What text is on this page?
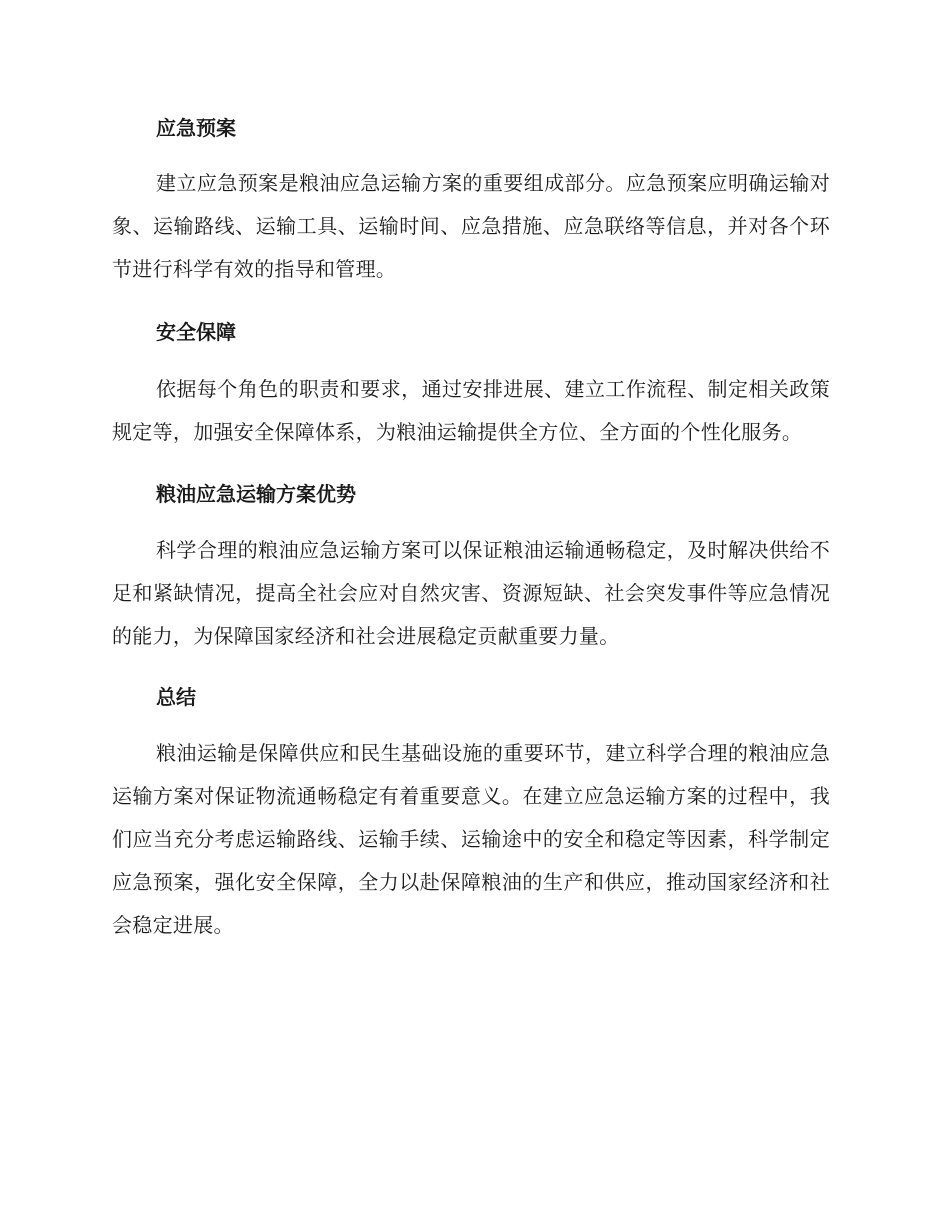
应急预案

建立应急预案是粮油应急运输方案的重要组成部分。应急预案应明确运输对象、运输路线、运输工具、运输时间、应急措施、应急联络等信息，并对各个环节进行科学有效的指导和管理。

安全保障

依据每个角色的职责和要求，通过安排进展、建立工作流程、制定相关政策规定等，加强安全保障体系，为粮油运输提供全方位、全方面的个性化服务。

粮油应急运输方案优势

科学合理的粮油应急运输方案可以保证粮油运输通畅稳定，及时解决供给不足和紧缺情况，提高全社会应对自然灾害、资源短缺、社会突发事件等应急情况的能力，为保障国家经济和社会进展稳定贡献重要力量。

总结

粮油运输是保障供应和民生基础设施的重要环节，建立科学合理的粮油应急运输方案对保证物流通畅稳定有着重要意义。在建立应急运输方案的过程中，我们应当充分考虑运输路线、运输手续、运输途中的安全和稳定等因素，科学制定应急预案，强化安全保障，全力以赴保障粮油的生产和供应，推动国家经济和社会稳定进展。
